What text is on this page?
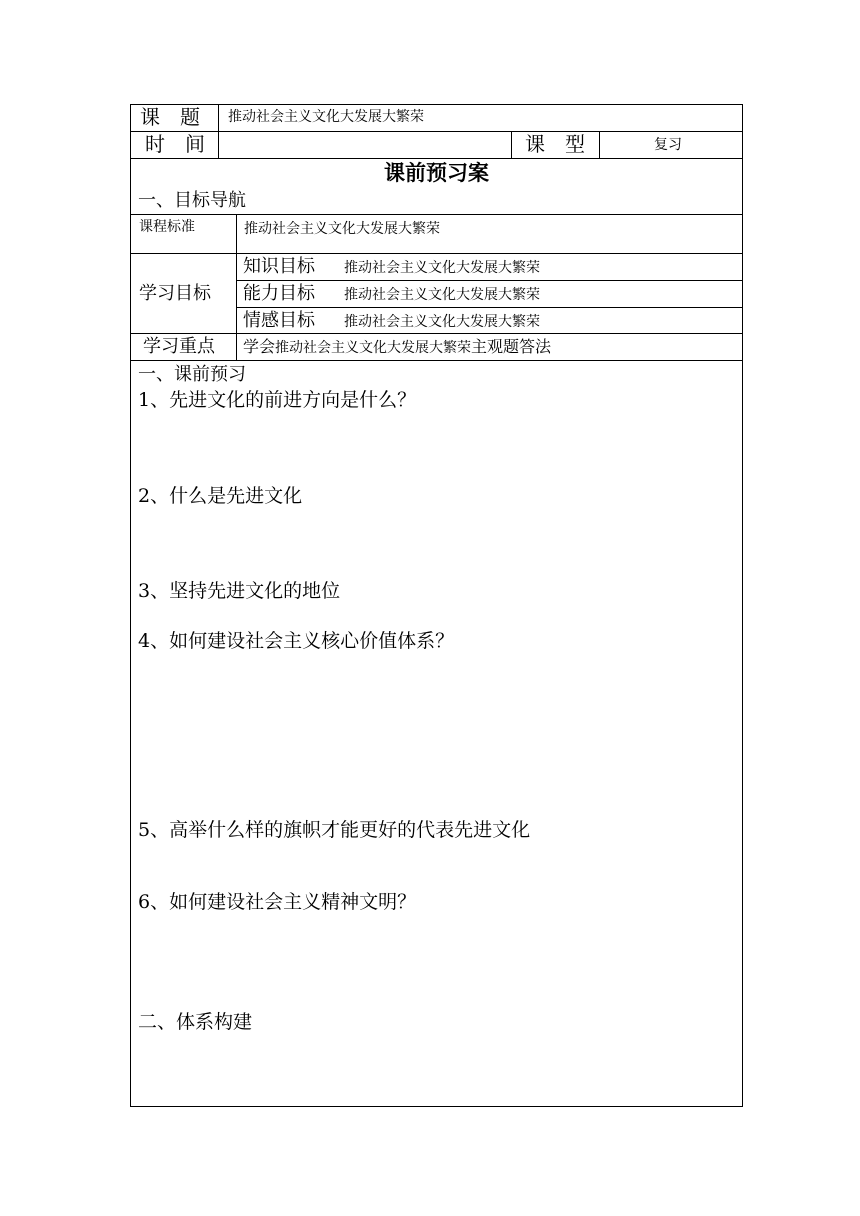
课　题 推动社会主义文化大发展大繁荣
时　间	课　型	复习
课前预习案
一、目标导航
课程标准	推动社会主义文化大发展大繁荣
学习目标
知识目标 推动社会主义文化大发展大繁荣
能力目标 推动社会主义文化大发展大繁荣
情感目标 推动社会主义文化大发展大繁荣
学习重点 学会推动社会主义文化大发展大繁荣主观题答法
一、课前预习
1、先进文化的前进方向是什么？
2、什么是先进文化
3、坚持先进文化的地位
4、如何建设社会主义核心价值体系？
5、高举什么样的旗帜才能更好的代表先进文化
6、如何建设社会主义精神文明？
二、体系构建
